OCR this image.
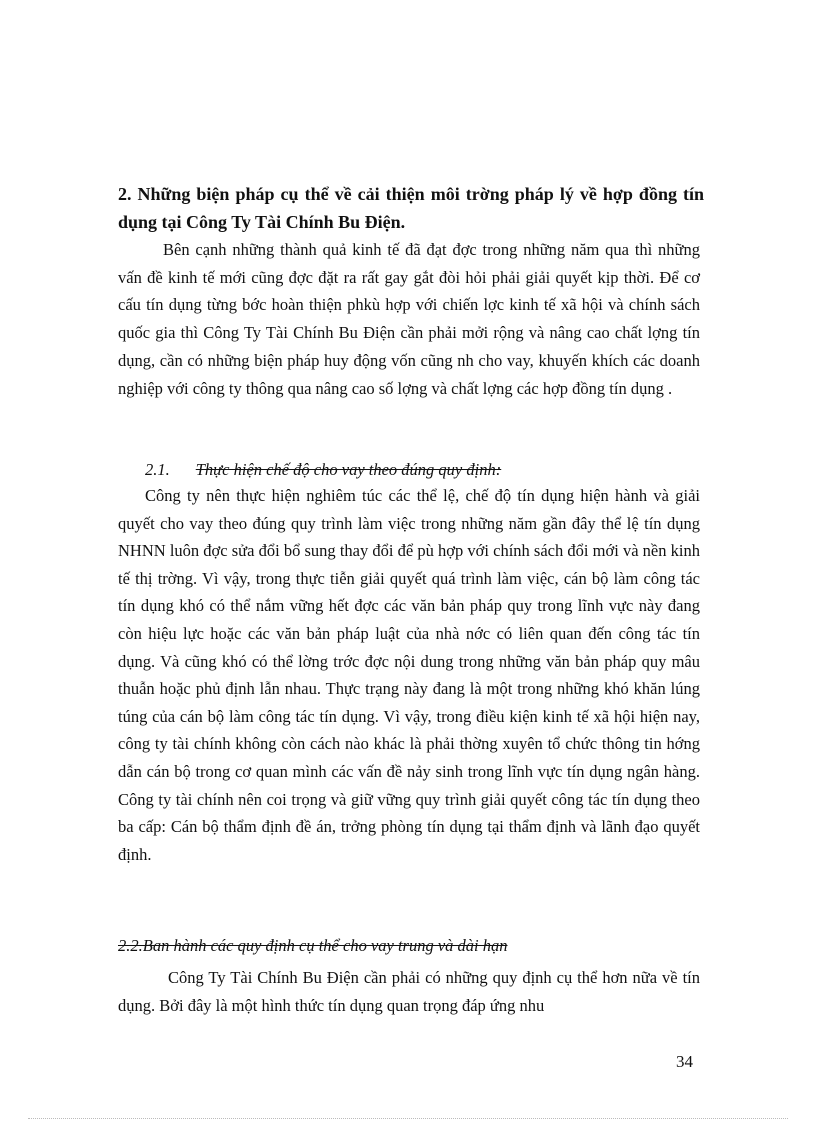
2. Những biện pháp cụ thể về cải thiện môi trờng pháp lý về hợp đồng tín dụng tại Công Ty Tài Chính Bu Điện.

Bên cạnh những thành quả kinh tế đã đạt đợc trong những năm qua thì những vấn đề kinh tế mới cũng đợc đặt ra rất gay gắt đòi hỏi phải giải quyết kịp thời. Để cơ cấu tín dụng từng bớc hoàn thiện phkù hợp với chiến lợc kinh tế xã hội và chính sách quốc gia thì Công Ty Tài Chính Bu Điện cần phải mởi rộng và nâng cao chất lợng tín dụng, cần có những biện pháp huy động vốn cũng nh cho vay, khuyến khích các doanh nghiệp với công ty thông qua nâng cao số lợng và chất lợng các hợp đồng tín dụng .

2.1. Thực hiện chế độ cho vay theo đúng quy định:

Công ty nên thực hiện nghiêm túc các thể lệ, chế độ tín dụng hiện hành và giải quyết cho vay theo đúng quy trình làm việc trong những năm gần đây thể lệ tín dụng NHNN luôn đợc sửa đổi bổ sung thay đổi để pù hợp với chính sách đổi mới và nền kinh tế thị trờng. Vì vậy, trong thực tiễn giải quyết quá trình làm việc, cán bộ làm công tác tín dụng khó có thể nắm vững hết đợc các văn bản pháp quy trong lĩnh vực này đang còn hiệu lực hoặc các văn bản pháp luật của nhà nớc có liên quan đến công tác tín dụng. Và cũng khó có thể lờng trớc đợc nội dung trong những văn bản pháp quy mâu thuẫn hoặc phủ định lẫn nhau. Thực trạng này đang là một trong những khó khăn lúng túng của cán bộ làm công tác tín dụng. Vì vậy, trong điều kiện kinh tế xã hội hiện nay, công ty tài chính không còn cách nào khác là phải thờng xuyên tổ chức thông tin hớng dẫn cán bộ trong cơ quan mình các vấn đề nảy sinh trong lĩnh vực tín dụng ngân hàng. Công ty tài chính nên coi trọng và giữ vững quy trình giải quyết công tác tín dụng theo ba cấp: Cán bộ thẩm định đề án, trởng phòng tín dụng tại thẩm định và lãnh đạo quyết định.

2.2.Ban hành các quy định cụ thể cho vay trung và dài hạn

Công Ty Tài Chính Bu Điện cần phải có những quy định cụ thể hơn nữa về tín dụng. Bởi đây là một hình thức tín dụng quan trọng đáp ứng nhu

34
